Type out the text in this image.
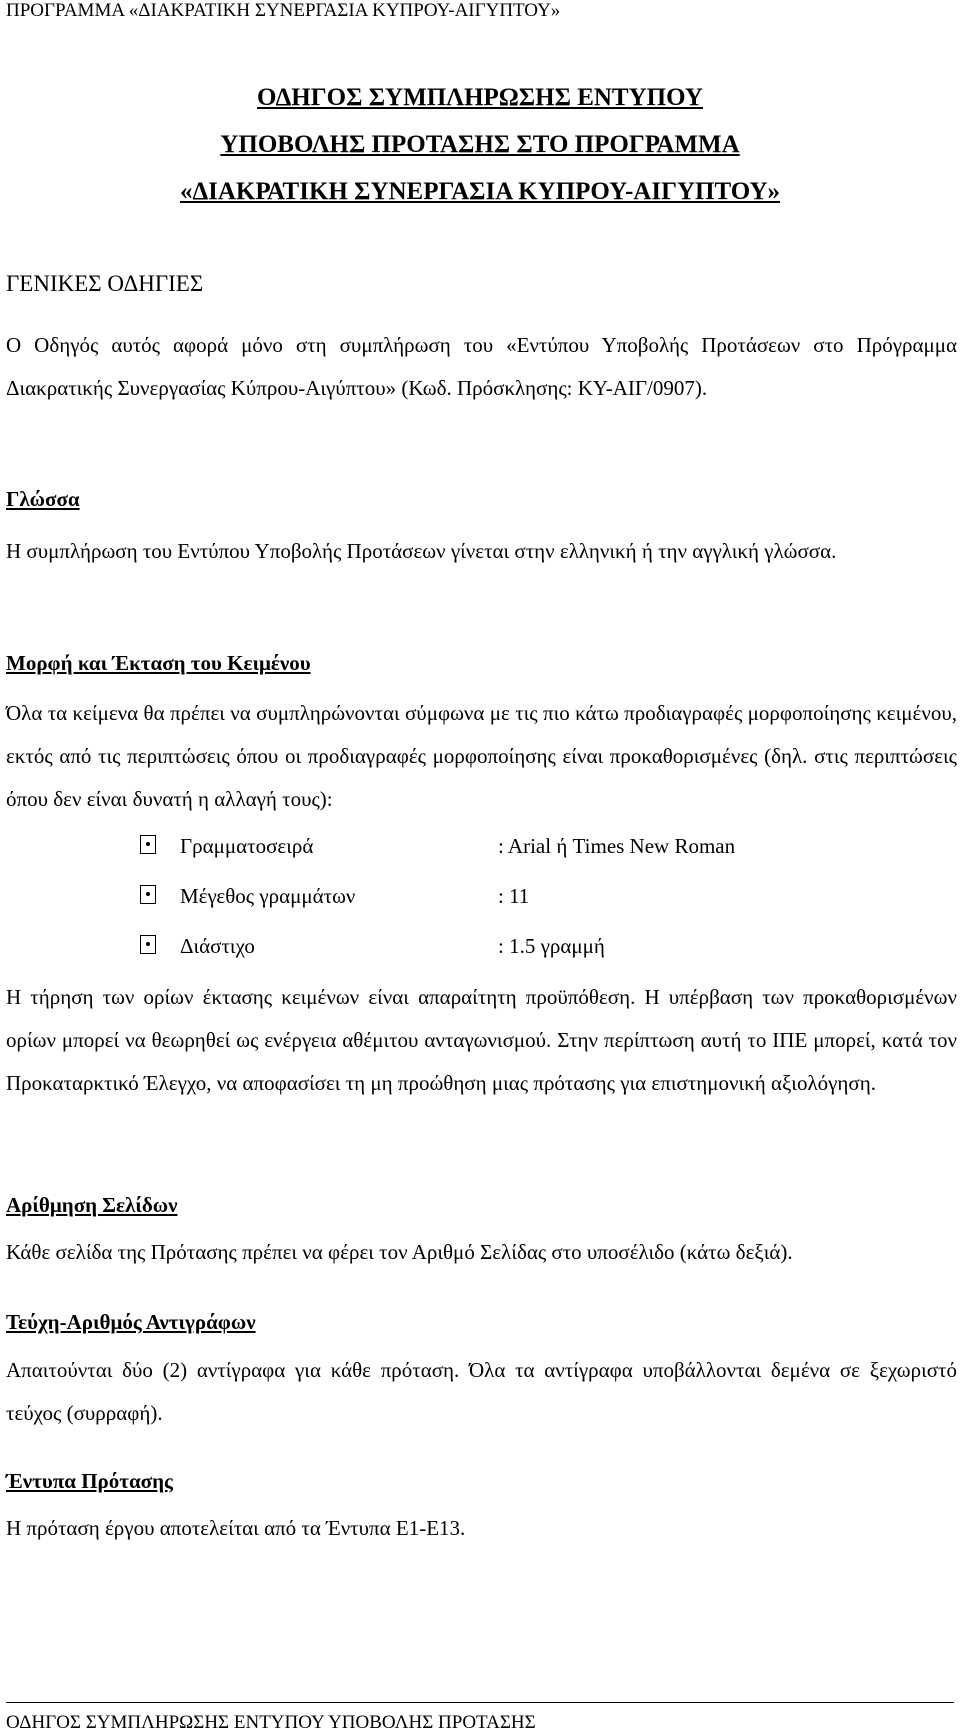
ΠΡΟΓΡΑΜΜΑ «ΔΙΑΚΡΑΤΙΚΗ ΣΥΝΕΡΓΑΣΙΑ ΚΥΠΡΟΥ-ΑΙΓΥΠΤΟΥ»
ΟΔΗΓΟΣ ΣΥΜΠΛΗΡΩΣΗΣ ΕΝΤΥΠΟΥ
ΥΠΟΒΟΛΗΣ ΠΡΟΤΑΣΗΣ ΣΤΟ ΠΡΟΓΡΑΜΜΑ
«ΔΙΑΚΡΑΤΙΚΗ ΣΥΝΕΡΓΑΣΙΑ ΚΥΠΡΟΥ-ΑΙΓΥΠΤΟΥ»
ΓΕΝΙΚΕΣ ΟΔΗΓΙΕΣ

Ο Οδηγός αυτός αφορά μόνο στη συμπλήρωση του «Εντύπου Υποβολής Προτάσεων στο Πρόγραμμα Διακρατικής Συνεργασίας Κύπρου-Αιγύπτου» (Κωδ. Πρόσκλησης: ΚΥ-ΑΙΓ/0907).

Γλώσσα

Η συμπλήρωση του Εντύπου Υποβολής Προτάσεων γίνεται στην ελληνική ή την αγγλική γλώσσα.

Μορφή και Έκταση του Κειμένου

Όλα τα κείμενα θα πρέπει να συμπληρώνονται σύμφωνα με τις πιο κάτω προδιαγραφές μορφοποίησης κειμένου, εκτός από τις περιπτώσεις όπου οι προδιαγραφές μορφοποίησης είναι προκαθορισμένες (δηλ. στις περιπτώσεις όπου δεν είναι δυνατή η αλλαγή τους):

Γραμματοσειρά	: Arial ή Times New Roman
Μέγεθος γραμμάτων	: 11
Διάστιχο	: 1.5 γραμμή

Η τήρηση των ορίων έκτασης κειμένων είναι απαραίτητη προϋπόθεση. Η υπέρβαση των προκαθορισμένων ορίων μπορεί να θεωρηθεί ως ενέργεια αθέμιτου ανταγωνισμού. Στην περίπτωση αυτή το ΙΠΕ μπορεί, κατά τον Προκαταρκτικό Έλεγχο, να αποφασίσει τη μη προώθηση μιας πρότασης για επιστημονική αξιολόγηση.

Αρίθμηση Σελίδων

Κάθε σελίδα της Πρότασης πρέπει να φέρει τον Αριθμό Σελίδας στο υποσέλιδο (κάτω δεξιά).

Τεύχη-Αριθμός Αντιγράφων

Απαιτούνται δύο (2) αντίγραφα για κάθε πρόταση. Όλα τα αντίγραφα υποβάλλονται δεμένα σε ξεχωριστό τεύχος (συρραφή).

Έντυπα Πρότασης

Η πρόταση έργου αποτελείται από τα Έντυπα Ε1-Ε13.

ΟΔΗΓΟΣ ΣΥΜΠΛΗΡΩΣΗΣ ΕΝΤΥΠΟΥ ΥΠΟΒΟΛΗΣ ΠΡΟΤΑΣΗΣ
